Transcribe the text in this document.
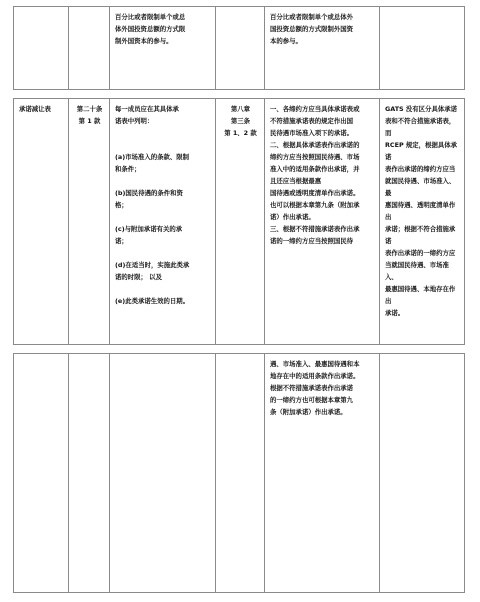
百分比或者限制单个或总
体外国投资总额的方式限
制外国资本的参与。
百分比或者限制单个或总体外
国投资总额的方式限制外国资
本的参与。
承诺减让表	第二十条
第 1 款
每一成员应在其具体承
诺表中列明：

(a)市场准入的条款、限制
和条件；

(b)国民待遇的条件和资
格；

(c)与附加承诺有关的承
诺；

(d)在适当时，实施此类承
诺的时限； 以及

(e)此类承诺生效的日期。
第八章
第三条
第 1、2 款
一、各缔约方应当具体承诺表或
不符措施承诺表的规定作出国
民待遇市场准入项下的承诺。
二、根据具体承诺表作出承诺的
缔约方应当按照国民待遇、市场
准入中的适用条款作出承诺，并
且还应当根据最惠
国待遇或透明度清单作出承诺。
也可以根据本章第九条（附加承
诺）作出承诺。
三、根据不符措施承诺表作出承
诺的一缔约方应当按照国民待
GATS 没有区分具体承诺
表和不符合措施承诺表，而
RCEP 规定，根据具体承诺
表作出承诺的缔约方应当
就国民待遇、市场准入、最
惠国待遇、透明度清单作出
承诺；根据不符合措施承诺
表作出承诺的一缔约方应
当就国民待遇、市场准入、
最惠国待遇、本地存在作出
承诺。
遇、市场准入、最惠国待遇和本
地存在中的适用条款作出承诺。
根据不符措施承诺表作出承诺
的一缔约方也可根据本章第九
条（附加承诺）作出承诺。
